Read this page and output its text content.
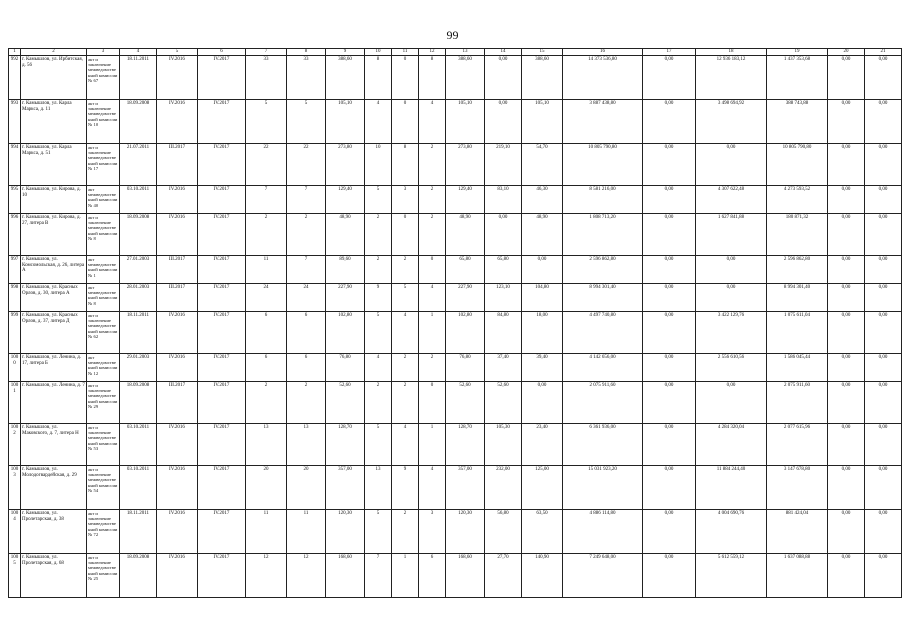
99
1	2	3	4	5	6	7	8	9	10	11	12	13	14	15	16	17	18	19	20	21
992	г. Камышлов, ул. Ирбитская, д. 56	акт и заключение межведомственной комиссии № 67	18.11.2011	IV.2016	IV.2017	33	33	388,60	8	0	8	388,60	0,00	388,60	14 373 536,80	0,00	12 936 183,12	1 437 353,68	0,00	0,00
993	г. Камышлов, ул. Карла Маркса, д. 11	акт и заключение межведомственной комиссии № 10	18.09.2008	IV.2016	IV.2017	5	5	105,10	4	0	4	105,10	0,00	105,10	3 887 438,80	0,00	3 498 694,92	388 743,88	0,00	0,00
994	г. Камышлов, ул. Карла Маркса, д. 51	акт и заключение межведомственной комиссии № 17	21.07.2011	III.2017	IV.2017	22	22	273,80	10	8	2	273,80	219,10	54,70	10 805 790,80	0,00	0,00	10 805 790,80	0,00	0,00
995	г. Камышлов, ул. Кирова, д. 10	акт межведомственной комиссии № 40	03.10.2011	IV.2016	IV.2017	7	7	129,40	5	3	2	129,40	83,10	46,30	8 581 216,00	0,00	4 307 622,48	4 273 593,52	0,00	0,00
996	г. Камышлов, ул. Кирова, д. 27, литера В	акт и заключение межведомственной комиссии № 8	18.09.2008	IV.2016	IV.2017	2	2	48,90	2	0	2	48,90	0,00	48,90	1 808 713,20	0,00	1 627 841,88	180 871,32	0,00	0,00
997	г. Камышлов, ул. Комсомольская, д. 26, литера А	акт межведомственной комиссии № 1	27.01.2003	III.2017	IV.2017	11	7	89,60	2	2	0	65,80	65,80	0,00	2 596 862,80	0,00	0,00	2 596 862,80	0,00	0,00
998	г. Камышлов, ул. Красных Орлов, д. 30, литера А	акт межведомственной комиссии № 8	28.01.2003	III.2017	IV.2017	24	24	227,90	9	5	4	227,90	123,10	104,80	8 994 301,40	0,00	0,00	8 994 301,40	0,00	0,00
999	г. Камышлов, ул. Красных Орлов, д. 37, литера Д	акт и заключение межведомственной комиссии № 62	18.11.2011	IV.2016	IV.2017	6	6	102,80	5	4	1	102,80	84,80	18,00	4 497 740,80	0,00	3 422 129,76	1 075 611,04	0,00	0,00
1000	г. Камышлов, ул. Ленина, д. 17, литера Б	акт межведомственной комиссии № 12	29.01.2003	IV.2016	IV.2017	6	6	76,80	4	2	2	76,80	37,40	39,40	4 142 656,00	0,00	2 556 610,56	1 586 045,44	0,00	0,00
1001	г. Камышлов, ул. Ленина, д. 7	акт и заключение межведомственной комиссии № 29	18.09.2008	III.2017	IV.2017	2	2	52,60	2	2	0	52,60	52,60	0,00	2 075 911,60	0,00	0,00	2 075 911,60	0,00	0,00
1002	г. Камышлов, ул. Маковского, д. 7, литера Н	акт и заключение межведомственной комиссии № 53	03.10.2011	IV.2016	IV.2017	13	13	128,70	5	4	1	128,70	105,30	23,40	6 361 936,00	0,00	4 284 320,04	2 077 615,96	0,00	0,00
1003	г. Камышлов, ул. Молодогвардейская, д. 29	акт и заключение межведомственной комиссии № 54	03.10.2011	IV.2016	IV.2017	20	20	357,00	13	9	4	357,00	232,00	125,00	15 031 923,20	0,00	11 884 244,40	3 147 678,80	0,00	0,00
1004	г. Камышлов, ул. Пролетарская, д. 38	акт и заключение межведомственной комиссии № 72	18.11.2011	IV.2016	IV.2017	11	11	120,30	5	2	3	120,30	56,80	63,50	4 886 114,80	0,00	4 004 690,76	881 424,04	0,00	0,00
1005	г. Камышлов, ул. Пролетарская, д. 68	акт и заключение межведомственной комиссии № 25	18.09.2008	IV.2016	IV.2017	12	12	168,60	7	1	6	168,60	27,70	140,90	7 249 648,00	0,00	5 612 559,12	1 637 088,88	0,00	0,00
